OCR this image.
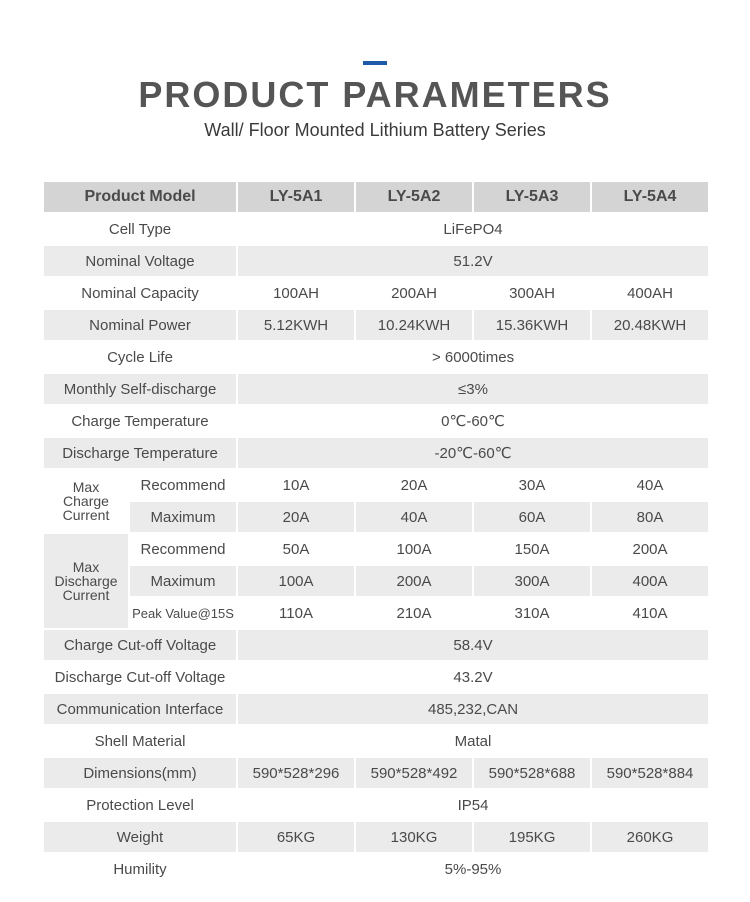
PRODUCT PARAMETERS
Wall/ Floor Mounted Lithium Battery Series
Product Model		LY-5A1	LY-5A2	LY-5A3	LY-5A4
Cell Type		LiFePO4			
Nominal Voltage		51.2V			
Nominal Capacity		100AH	200AH	300AH	400AH
Nominal Power		5.12KWH	10.24KWH	15.36KWH	20.48KWH
Cycle Life		> 6000times			
Monthly Self-discharge		≤3%			
Charge Temperature		0℃-60℃			
Discharge Temperature		-20℃-60℃			
Max
Charge
Current	Recommend	10A	20A	30A	40A
	Maximum	20A	40A	60A	80A
Max
Discharge
Current	Recommend	50A	100A	150A	200A
	Maximum	100A	200A	300A	400A
	Peak Value@15S	110A	210A	310A	410A
Charge Cut-off Voltage		58.4V			
Discharge Cut-off Voltage		43.2V			
Communication Interface		485,232,CAN			
Shell Material		Matal			
Dimensions(mm)		590*528*296	590*528*492	590*528*688	590*528*884
Protection Level		IP54			
Weight		65KG	130KG	195KG	260KG
Humility		5%-95%			
